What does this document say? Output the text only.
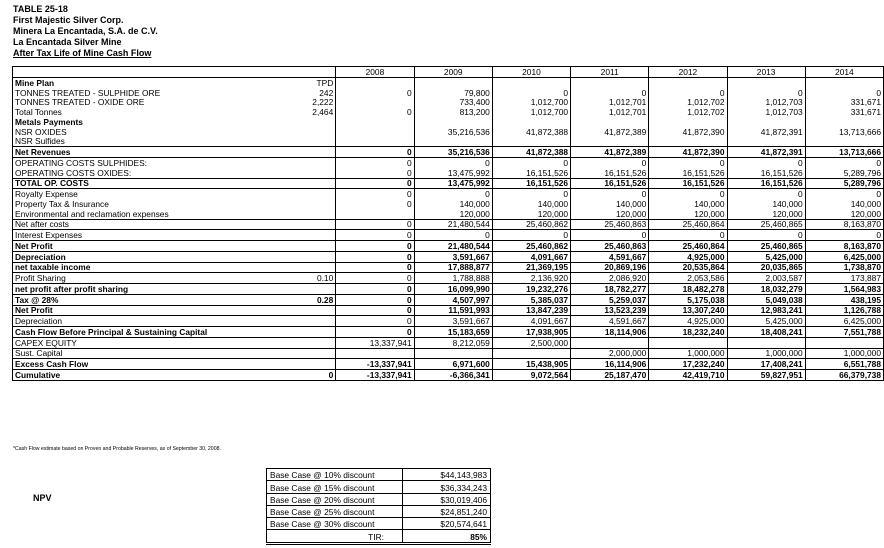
TABLE 25-18
First Majestic Silver Corp.
Minera La Encantada, S.A. de C.V.
La Encantada Silver Mine
After Tax Life of Mine Cash Flow
		2008	2009	2010	2011	2012	2013	2014
Mine Plan	TPD							
TONNES TREATED - SULPHIDE ORE	242	0	79,800	0	0	0	0	0
TONNES TREATED - OXIDE ORE	2,222		733,400	1,012,700	1,012,701	1,012,702	1,012,703	331,671
Total Tonnes	2,464	0	813,200	1,012,700	1,012,701	1,012,702	1,012,703	331,671
Metals Payments								
NSR OXIDES			35,216,536	41,872,388	41,872,389	41,872,390	41,872,391	13,713,666
NSR Sulfides								
Net Revenues		0	35,216,536	41,872,388	41,872,389	41,872,390	41,872,391	13,713,666
OPERATING COSTS SULPHIDES:		0	0	0	0	0	0	0
OPERATING COSTS OXIDES:		0	13,475,992	16,151,526	16,151,526	16,151,526	16,151,526	5,289,796
TOTAL OP. COSTS		0	13,475,992	16,151,526	16,151,526	16,151,526	16,151,526	5,289,796
Royalty Expense		0	0	0	0	0	0	0
Property Tax & Insurance		0	140,000	140,000	140,000	140,000	140,000	140,000
Environmental and reclamation expenses			120,000	120,000	120,000	120,000	120,000	120,000
Net after costs		0	21,480,544	25,460,862	25,460,863	25,460,864	25,460,865	8,163,870
Interest Expenses		0	0	0	0	0	0	0
Net Profit		0	21,480,544	25,460,862	25,460,863	25,460,864	25,460,865	8,163,870
Depreciation		0	3,591,667	4,091,667	4,591,667	4,925,000	5,425,000	6,425,000
net taxable income		0	17,888,877	21,369,195	20,869,196	20,535,864	20,035,865	1,738,870
Profit Sharing	0.10	0	1,788,888	2,136,920	2,086,920	2,053,586	2,003,587	173,887
net profit after profit sharing		0	16,099,990	19,232,276	18,782,277	18,482,278	18,032,279	1,564,983
Tax @ 28%	0.28	0	4,507,997	5,385,037	5,259,037	5,175,038	5,049,038	438,195
Net Profit		0	11,591,993	13,847,239	13,523,239	13,307,240	12,983,241	1,126,788
Depreciation		0	3,591,667	4,091,667	4,591,667	4,925,000	5,425,000	6,425,000
Cash Flow Before Principal & Sustaining Capital		0	15,183,659	17,938,905	18,114,906	18,232,240	18,408,241	7,551,788
CAPEX EQUITY		13,337,941	8,212,059	2,500,000				
Sust. Capital					2,000,000	1,000,000	1,000,000	1,000,000
Excess Cash Flow		-13,337,941	6,971,600	15,438,905	16,114,906	17,232,240	17,408,241	6,551,788
Cumulative	0	-13,337,941	-6,366,341	9,072,564	25,187,470	42,419,710	59,827,951	66,379,738
*Cash Flow estimate based on Proven and Probable Reserves, as of September 30, 2008.
NPV
Base Case @ 10% discount	$44,143,983
Base Case @ 15% discount	$36,334,243
Base Case @ 20% discount	$30,019,406
Base Case @ 25% discount	$24,851,240
Base Case @ 30% discount	$20,574,641
TIR:	85%
